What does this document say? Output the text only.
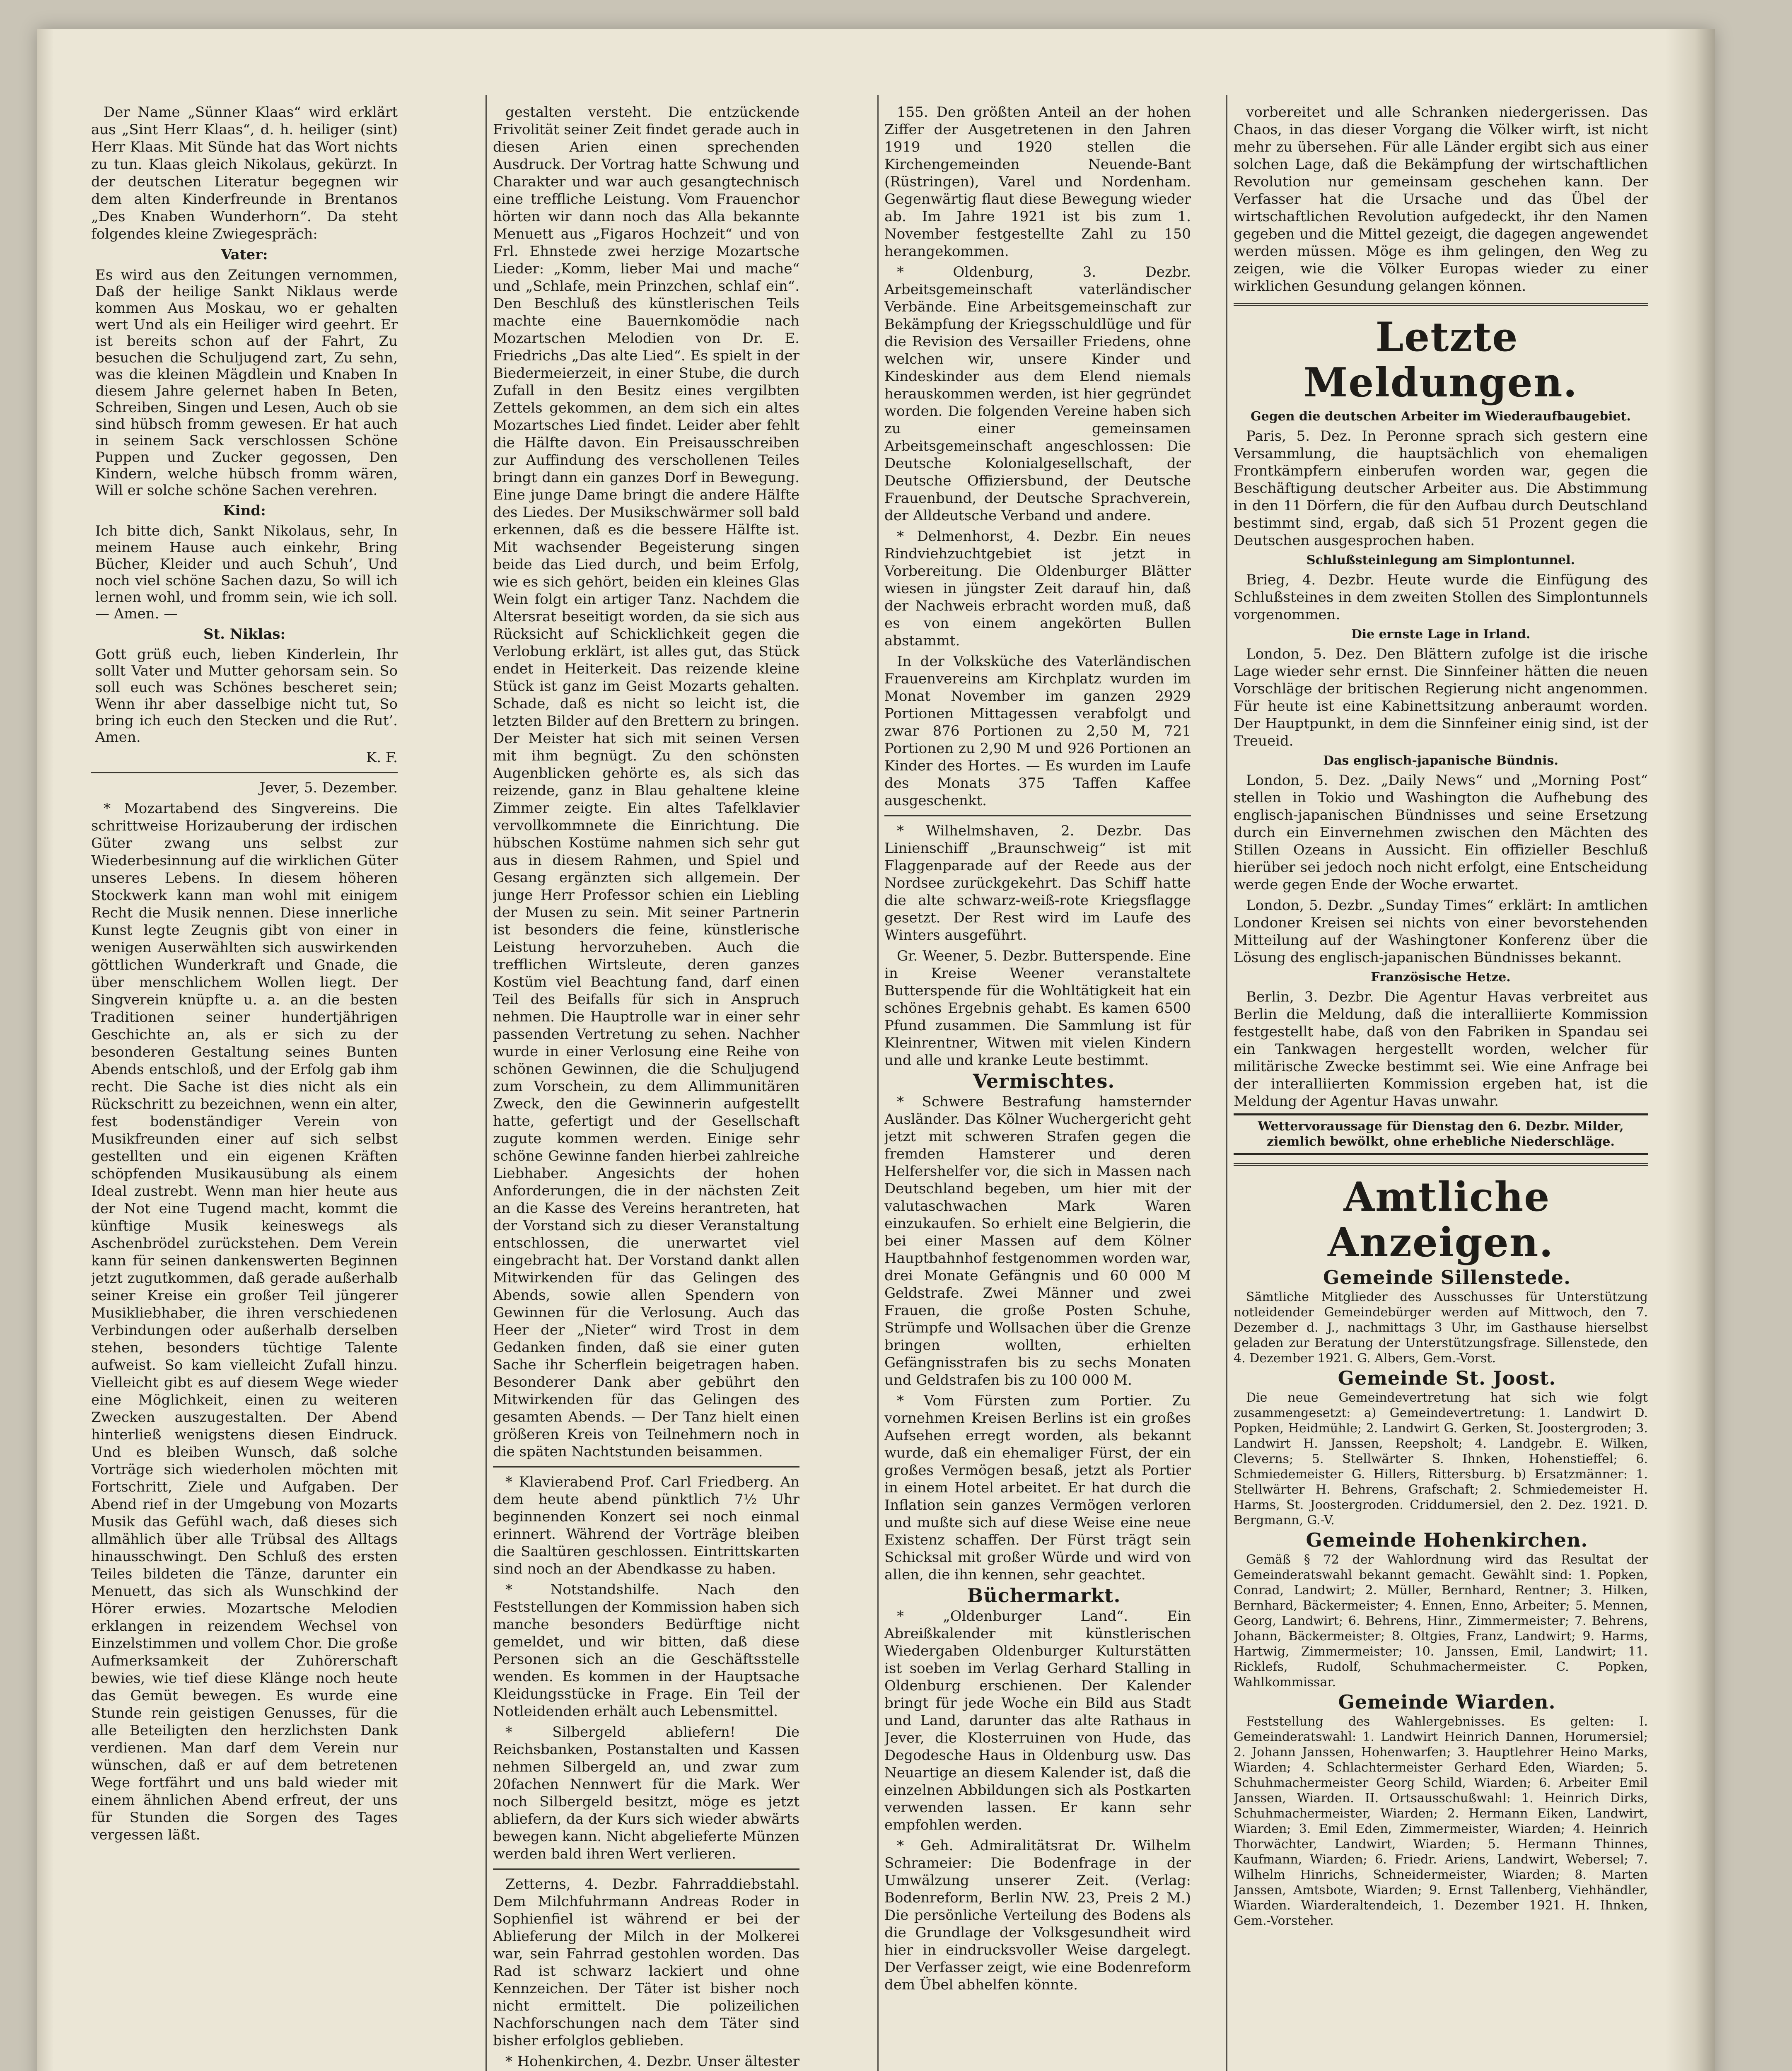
Der Name „Sünner Klaas“ wird erklärt aus „Sint Herr Klaas“, d. h. heiliger (sint) Herr Klaas. Mit Sünde hat das Wort nichts zu tun. Klaas gleich Nikolaus, gekürzt. In der deutschen Literatur begegnen wir dem alten Kinderfreunde in Brentanos „Des Knaben Wunderhorn“. Da steht folgendes kleine Zwiegespräch:

Vater:

Es wird aus den Zeitungen vernommen, Daß der heilige Sankt Niklaus werde kommen Aus Moskau, wo er gehalten wert Und als ein Heiliger wird geehrt. Er ist bereits schon auf der Fahrt, Zu besuchen die Schuljugend zart, Zu sehn, was die kleinen Mägdlein und Knaben In diesem Jahre gelernet haben In Beten, Schreiben, Singen und Lesen, Auch ob sie sind hübsch fromm gewesen. Er hat auch in seinem Sack verschlossen Schöne Puppen und Zucker gegossen, Den Kindern, welche hübsch fromm wären, Will er solche schöne Sachen verehren.

Kind:

Ich bitte dich, Sankt Nikolaus, sehr, In meinem Hause auch einkehr, Bring Bücher, Kleider und auch Schuh’, Und noch viel schöne Sachen dazu, So will ich lernen wohl, und fromm sein, wie ich soll. — Amen. —

St. Niklas:

Gott grüß euch, lieben Kinderlein, Ihr sollt Vater und Mutter gehorsam sein. So soll euch was Schönes bescheret sein; Wenn ihr aber dasselbige nicht tut, So bring ich euch den Stecken und die Rut’. Amen.

K. F.

Jever, 5. Dezember.

* Mozartabend des Singvereins. Die schrittweise Horizauberung der irdischen Güter zwang uns selbst zur Wiederbesinnung auf die wirklichen Güter unseres Lebens. In diesem höheren Stockwerk kann man wohl mit einigem Recht die Musik nennen. Diese innerliche Kunst legte Zeugnis gibt von einer in wenigen Auserwählten sich auswirkenden göttlichen Wunderkraft und Gnade, die über menschlichem Wollen liegt. Der Singverein knüpfte u. a. an die besten Traditionen seiner hundertjährigen Geschichte an, als er sich zu der besonderen Gestaltung seines Bunten Abends entschloß, und der Erfolg gab ihm recht. Die Sache ist dies nicht als ein Rückschritt zu bezeichnen, wenn ein alter, fest bodenständiger Verein von Musikfreunden einer auf sich selbst gestellten und ein eigenen Kräften schöpfenden Musikausübung als einem Ideal zustrebt. Wenn man hier heute aus der Not eine Tugend macht, kommt die künftige Musik keineswegs als Aschenbrödel zurückstehen. Dem Verein kann für seinen dankenswerten Beginnen jetzt zugutkommen, daß gerade außerhalb seiner Kreise ein großer Teil jüngerer Musikliebhaber, die ihren verschiedenen Verbindungen oder außerhalb derselben stehen, besonders tüchtige Talente aufweist. So kam vielleicht Zufall hinzu. Vielleicht gibt es auf diesem Wege wieder eine Möglichkeit, einen zu weiteren Zwecken auszugestalten. Der Abend hinterließ wenigstens diesen Eindruck. Und es bleiben Wunsch, daß solche Vorträge sich wiederholen möchten mit Fortschritt, Ziele und Aufgaben. Der Abend rief in der Umgebung von Mozarts Musik das Gefühl wach, daß dieses sich allmählich über alle Trübsal des Alltags hinausschwingt. Den Schluß des ersten Teiles bildeten die Tänze, darunter ein Menuett, das sich als Wunschkind der Hörer erwies. Mozartsche Melodien erklangen in reizendem Wechsel von Einzelstimmen und vollem Chor. Die große Aufmerksamkeit der Zuhörerschaft bewies, wie tief diese Klänge noch heute das Gemüt bewegen. Es wurde eine Stunde rein geistigen Genusses, für die alle Beteiligten den herzlichsten Dank verdienen. Man darf dem Verein nur wünschen, daß er auf dem betretenen Wege fortfährt und uns bald wieder mit einem ähnlichen Abend erfreut, der uns für Stunden die Sorgen des Tages vergessen läßt.

gestalten versteht. Die entzückende Frivolität seiner Zeit findet gerade auch in diesen Arien einen sprechenden Ausdruck. Der Vortrag hatte Schwung und Charakter und war auch gesangtechnisch eine treffliche Leistung. Vom Frauenchor hörten wir dann noch das Alla bekannte Menuett aus „Figaros Hochzeit“ und von Frl. Ehnstede zwei herzige Mozartsche Lieder: „Komm, lieber Mai und mache“ und „Schlafe, mein Prinzchen, schlaf ein“. Den Beschluß des künstlerischen Teils machte eine Bauernkomödie nach Mozartschen Melodien von Dr. E. Friedrichs „Das alte Lied“. Es spielt in der Biedermeierzeit, in einer Stube, die durch Zufall in den Besitz eines vergilbten Zettels gekommen, an dem sich ein altes Mozartsches Lied findet. Leider aber fehlt die Hälfte davon. Ein Preisausschreiben zur Auffindung des verschollenen Teiles bringt dann ein ganzes Dorf in Bewegung. Eine junge Dame bringt die andere Hälfte des Liedes. Der Musikschwärmer soll bald erkennen, daß es die bessere Hälfte ist. Mit wachsender Begeisterung singen beide das Lied durch, und beim Erfolg, wie es sich gehört, beiden ein kleines Glas Wein folgt ein artiger Tanz. Nachdem die Altersrat beseitigt worden, da sie sich aus Rücksicht auf Schicklichkeit gegen die Verlobung erklärt, ist alles gut, das Stück endet in Heiterkeit. Das reizende kleine Stück ist ganz im Geist Mozarts gehalten. Schade, daß es nicht so leicht ist, die letzten Bilder auf den Brettern zu bringen. Der Meister hat sich mit seinen Versen mit ihm begnügt. Zu den schönsten Augenblicken gehörte es, als sich das reizende, ganz in Blau gehaltene kleine Zimmer zeigte. Ein altes Tafelklavier vervollkommnete die Einrichtung. Die hübschen Kostüme nahmen sich sehr gut aus in diesem Rahmen, und Spiel und Gesang ergänzten sich allgemein. Der junge Herr Professor schien ein Liebling der Musen zu sein. Mit seiner Partnerin ist besonders die feine, künstlerische Leistung hervorzuheben. Auch die trefflichen Wirtsleute, deren ganzes Kostüm viel Beachtung fand, darf einen Teil des Beifalls für sich in Anspruch nehmen. Die Hauptrolle war in einer sehr passenden Vertretung zu sehen. Nachher wurde in einer Verlosung eine Reihe von schönen Gewinnen, die die Schuljugend zum Vorschein, zu dem Allimmunitären Zweck, den die Gewinnerin aufgestellt hatte, gefertigt und der Gesellschaft zugute kommen werden. Einige sehr schöne Gewinne fanden hierbei zahlreiche Liebhaber. Angesichts der hohen Anforderungen, die in der nächsten Zeit an die Kasse des Vereins herantreten, hat der Vorstand sich zu dieser Veranstaltung entschlossen, die unerwartet viel eingebracht hat. Der Vorstand dankt allen Mitwirkenden für das Gelingen des Abends, sowie allen Spendern von Gewinnen für die Verlosung. Auch das Heer der „Nieter“ wird Trost in dem Gedanken finden, daß sie einer guten Sache ihr Scherflein beigetragen haben. Besonderer Dank aber gebührt den Mitwirkenden für das Gelingen des gesamten Abends. — Der Tanz hielt einen größeren Kreis von Teilnehmern noch in die späten Nachtstunden beisammen.

* Klavierabend Prof. Carl Friedberg. An dem heute abend pünktlich 7½ Uhr beginnenden Konzert sei noch einmal erinnert. Während der Vorträge bleiben die Saaltüren geschlossen. Eintrittskarten sind noch an der Abendkasse zu haben.

* Notstandshilfe. Nach den Feststellungen der Kommission haben sich manche besonders Bedürftige nicht gemeldet, und wir bitten, daß diese Personen sich an die Geschäftsstelle wenden. Es kommen in der Hauptsache Kleidungsstücke in Frage. Ein Teil der Notleidenden erhält auch Lebensmittel.

* Silbergeld abliefern! Die Reichsbanken, Postanstalten und Kassen nehmen Silbergeld an, und zwar zum 20fachen Nennwert für die Mark. Wer noch Silbergeld besitzt, möge es jetzt abliefern, da der Kurs sich wieder abwärts bewegen kann. Nicht abgelieferte Münzen werden bald ihren Wert verlieren.

Zetterns, 4. Dezbr. Fahrraddiebstahl. Dem Milchfuhrmann Andreas Roder in Sophienfiel ist während er bei der Ablieferung der Milch in der Molkerei war, sein Fahrrad gestohlen worden. Das Rad ist schwarz lackiert und ohne Kennzeichen. Der Täter ist bisher noch nicht ermittelt. Die polizeilichen Nachforschungen nach dem Täter sind bisher erfolglos geblieben.

* Hohenkirchen, 4. Dezbr. Unser ältester

155. Den größten Anteil an der hohen Ziffer der Ausgetretenen in den Jahren 1919 und 1920 stellen die Kirchengemeinden Neuende-Bant (Rüstringen), Varel und Nordenham. Gegenwärtig flaut diese Bewegung wieder ab. Im Jahre 1921 ist bis zum 1. November festgestellte Zahl zu 150 herangekommen.

* Oldenburg, 3. Dezbr. Arbeitsgemeinschaft vaterländischer Verbände. Eine Arbeitsgemeinschaft zur Bekämpfung der Kriegsschuldlüge und für die Revision des Versailler Friedens, ohne welchen wir, unsere Kinder und Kindeskinder aus dem Elend niemals herauskommen werden, ist hier gegründet worden. Die folgenden Vereine haben sich zu einer gemeinsamen Arbeitsgemeinschaft angeschlossen: Die Deutsche Kolonialgesellschaft, der Deutsche Offiziersbund, der Deutsche Frauenbund, der Deutsche Sprachverein, der Alldeutsche Verband und andere.

* Delmenhorst, 4. Dezbr. Ein neues Rindviehzuchtgebiet ist jetzt in Vorbereitung. Die Oldenburger Blätter wiesen in jüngster Zeit darauf hin, daß der Nachweis erbracht worden muß, daß es von einem angekörten Bullen abstammt.

In der Volksküche des Vaterländischen Frauenvereins am Kirchplatz wurden im Monat November im ganzen 2929 Portionen Mittagessen verabfolgt und zwar 876 Portionen zu 2,50 M, 721 Portionen zu 2,90 M und 926 Portionen an Kinder des Hortes. — Es wurden im Laufe des Monats 375 Taffen Kaffee ausgeschenkt.

* Wilhelmshaven, 2. Dezbr. Das Linienschiff „Braunschweig“ ist mit Flaggenparade auf der Reede aus der Nordsee zurückgekehrt. Das Schiff hatte die alte schwarz-weiß-rote Kriegsflagge gesetzt. Der Rest wird im Laufe des Winters ausgeführt.

Gr. Weener, 5. Dezbr. Butterspende. Eine in Kreise Weener veranstaltete Butterspende für die Wohltätigkeit hat ein schönes Ergebnis gehabt. Es kamen 6500 Pfund zusammen. Die Sammlung ist für Kleinrentner, Witwen mit vielen Kindern und alle und kranke Leute bestimmt.

Vermischtes.

* Schwere Bestrafung hamsternder Ausländer. Das Kölner Wuchergericht geht jetzt mit schweren Strafen gegen die fremden Hamsterer und deren Helfershelfer vor, die sich in Massen nach Deutschland begeben, um hier mit der valutaschwachen Mark Waren einzukaufen. So erhielt eine Belgierin, die bei einer Massen auf dem Kölner Hauptbahnhof festgenommen worden war, drei Monate Gefängnis und 60 000 M Geldstrafe. Zwei Männer und zwei Frauen, die große Posten Schuhe, Strümpfe und Wollsachen über die Grenze bringen wollten, erhielten Gefängnisstrafen bis zu sechs Monaten und Geldstrafen bis zu 100 000 M.

* Vom Fürsten zum Portier. Zu vornehmen Kreisen Berlins ist ein großes Aufsehen erregt worden, als bekannt wurde, daß ein ehemaliger Fürst, der ein großes Vermögen besaß, jetzt als Portier in einem Hotel arbeitet. Er hat durch die Inflation sein ganzes Vermögen verloren und mußte sich auf diese Weise eine neue Existenz schaffen. Der Fürst trägt sein Schicksal mit großer Würde und wird von allen, die ihn kennen, sehr geachtet.

Büchermarkt.

* „Oldenburger Land“. Ein Abreißkalender mit künstlerischen Wiedergaben Oldenburger Kulturstätten ist soeben im Verlag Gerhard Stalling in Oldenburg erschienen. Der Kalender bringt für jede Woche ein Bild aus Stadt und Land, darunter das alte Rathaus in Jever, die Klosterruinen von Hude, das Degodesche Haus in Oldenburg usw. Das Neuartige an diesem Kalender ist, daß die einzelnen Abbildungen sich als Postkarten verwenden lassen. Er kann sehr empfohlen werden.

* Geh. Admiralitätsrat Dr. Wilhelm Schrameier: Die Bodenfrage in der Umwälzung unserer Zeit. (Verlag: Bodenreform, Berlin NW. 23, Preis 2 M.) Die persönliche Verteilung des Bodens als die Grundlage der Volksgesundheit wird hier in eindrucksvoller Weise dargelegt. Der Verfasser zeigt, wie eine Bodenreform dem Übel abhelfen könnte.

vorbereitet und alle Schranken niedergerissen. Das Chaos, in das dieser Vorgang die Völker wirft, ist nicht mehr zu übersehen. Für alle Länder ergibt sich aus einer solchen Lage, daß die Bekämpfung der wirtschaftlichen Revolution nur gemeinsam geschehen kann. Der Verfasser hat die Ursache und das Übel der wirtschaftlichen Revolution aufgedeckt, ihr den Namen gegeben und die Mittel gezeigt, die dagegen angewendet werden müssen. Möge es ihm gelingen, den Weg zu zeigen, wie die Völker Europas wieder zu einer wirklichen Gesundung gelangen können.

Letzte Meldungen.

Gegen die deutschen Arbeiter im Wiederaufbaugebiet.

Paris, 5. Dez. In Peronne sprach sich gestern eine Versammlung, die hauptsächlich von ehemaligen Frontkämpfern einberufen worden war, gegen die Beschäftigung deutscher Arbeiter aus. Die Abstimmung in den 11 Dörfern, die für den Aufbau durch Deutschland bestimmt sind, ergab, daß sich 51 Prozent gegen die Deutschen ausgesprochen haben.

Schlußsteinlegung am Simplontunnel.

Brieg, 4. Dezbr. Heute wurde die Einfügung des Schlußsteines in dem zweiten Stollen des Simplontunnels vorgenommen.

Die ernste Lage in Irland.

London, 5. Dez. Den Blättern zufolge ist die irische Lage wieder sehr ernst. Die Sinnfeiner hätten die neuen Vorschläge der britischen Regierung nicht angenommen. Für heute ist eine Kabinettsitzung anberaumt worden. Der Hauptpunkt, in dem die Sinnfeiner einig sind, ist der Treueid.

Das englisch-japanische Bündnis.

London, 5. Dez. „Daily News“ und „Morning Post“ stellen in Tokio und Washington die Aufhebung des englisch-japanischen Bündnisses und seine Ersetzung durch ein Einvernehmen zwischen den Mächten des Stillen Ozeans in Aussicht. Ein offizieller Beschluß hierüber sei jedoch noch nicht erfolgt, eine Entscheidung werde gegen Ende der Woche erwartet.

London, 5. Dezbr. „Sunday Times“ erklärt: In amtlichen Londoner Kreisen sei nichts von einer bevorstehenden Mitteilung auf der Washingtoner Konferenz über die Lösung des englisch-japanischen Bündnisses bekannt.

Französische Hetze.

Berlin, 3. Dezbr. Die Agentur Havas verbreitet aus Berlin die Meldung, daß die interalliierte Kommission festgestellt habe, daß von den Fabriken in Spandau sei ein Tankwagen hergestellt worden, welcher für militärische Zwecke bestimmt sei. Wie eine Anfrage bei der interalliierten Kommission ergeben hat, ist die Meldung der Agentur Havas unwahr.

Wettervoraussage für Dienstag den 6. Dezbr. Milder, ziemlich bewölkt, ohne erhebliche Niederschläge.

Amtliche Anzeigen.

Gemeinde Sillenstede.

Sämtliche Mitglieder des Ausschusses für Unterstützung notleidender Gemeindebürger werden auf Mittwoch, den 7. Dezember d. J., nachmittags 3 Uhr, im Gasthause hierselbst geladen zur Beratung der Unterstützungsfrage. Sillenstede, den 4. Dezember 1921. G. Albers, Gem.-Vorst.

Gemeinde St. Joost.

Die neue Gemeindevertretung hat sich wie folgt zusammengesetzt: a) Gemeindevertretung: 1. Landwirt D. Popken, Heidmühle; 2. Landwirt G. Gerken, St. Joostergroden; 3. Landwirt H. Janssen, Reepsholt; 4. Landgebr. E. Wilken, Cleverns; 5. Stellwärter S. Ihnken, Hohenstieffel; 6. Schmiedemeister G. Hillers, Rittersburg. b) Ersatzmänner: 1. Stellwärter H. Behrens, Grafschaft; 2. Schmiedemeister H. Harms, St. Joostergroden. Criddumersiel, den 2. Dez. 1921. D. Bergmann, G.-V.

Gemeinde Hohenkirchen.

Gemäß § 72 der Wahlordnung wird das Resultat der Gemeinderatswahl bekannt gemacht. Gewählt sind: 1. Popken, Conrad, Landwirt; 2. Müller, Bernhard, Rentner; 3. Hilken, Bernhard, Bäckermeister; 4. Ennen, Enno, Arbeiter; 5. Mennen, Georg, Landwirt; 6. Behrens, Hinr., Zimmermeister; 7. Behrens, Johann, Bäckermeister; 8. Oltgies, Franz, Landwirt; 9. Harms, Hartwig, Zimmermeister; 10. Janssen, Emil, Landwirt; 11. Ricklefs, Rudolf, Schuhmachermeister. C. Popken, Wahlkommissar.

Gemeinde Wiarden.

Feststellung des Wahlergebnisses. Es gelten: I. Gemeinderatswahl: 1. Landwirt Heinrich Dannen, Horumersiel; 2. Johann Janssen, Hohenwarfen; 3. Hauptlehrer Heino Marks, Wiarden; 4. Schlachtermeister Gerhard Eden, Wiarden; 5. Schuhmachermeister Georg Schild, Wiarden; 6. Arbeiter Emil Janssen, Wiarden. II. Ortsausschußwahl: 1. Heinrich Dirks, Schuhmachermeister, Wiarden; 2. Hermann Eiken, Landwirt, Wiarden; 3. Emil Eden, Zimmermeister, Wiarden; 4. Heinrich Thorwächter, Landwirt, Wiarden; 5. Hermann Thinnes, Kaufmann, Wiarden; 6. Friedr. Ariens, Landwirt, Webersel; 7. Wilhelm Hinrichs, Schneidermeister, Wiarden; 8. Marten Janssen, Amtsbote, Wiarden; 9. Ernst Tallenberg, Viehhändler, Wiarden. Wiarderaltendeich, 1. Dezember 1921. H. Ihnken, Gem.-Vorsteher.
